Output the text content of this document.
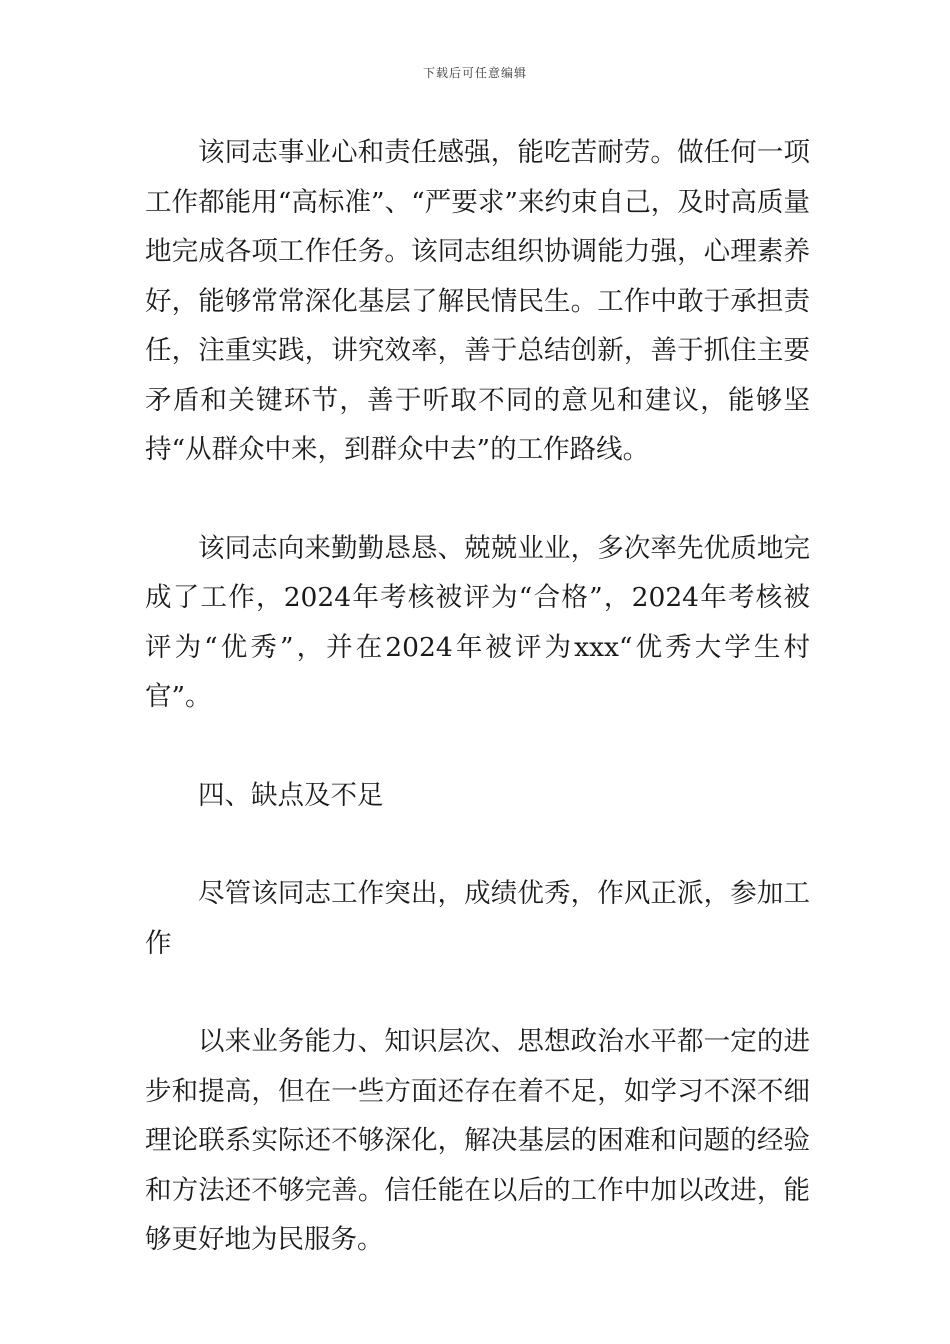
下载后可任意编辑

该同志事业心和责任感强，能吃苦耐劳。做任何一项工作都能用“高标准”、“严要求”来约束自己，及时高质量地完成各项工作任务。该同志组织协调能力强，心理素养好，能够常常深化基层了解民情民生。工作中敢于承担责任，注重实践，讲究效率，善于总结创新，善于抓住主要矛盾和关键环节，善于听取不同的意见和建议，能够坚持“从群众中来，到群众中去”的工作路线。

该同志向来勤勤恳恳、兢兢业业，多次率先优质地完成了工作，2024年考核被评为“合格”，2024年考核被评为“优秀”，并在2024年被评为xxx“优秀大学生村官”。

四、缺点及不足

尽管该同志工作突出，成绩优秀，作风正派，参加工作

以来业务能力、知识层次、思想政治水平都一定的进步和提高，但在一些方面还存在着不足，如学习不深不细理论联系实际还不够深化，解决基层的困难和问题的经验和方法还不够完善。信任能在以后的工作中加以改进，能够更好地为民服务。
